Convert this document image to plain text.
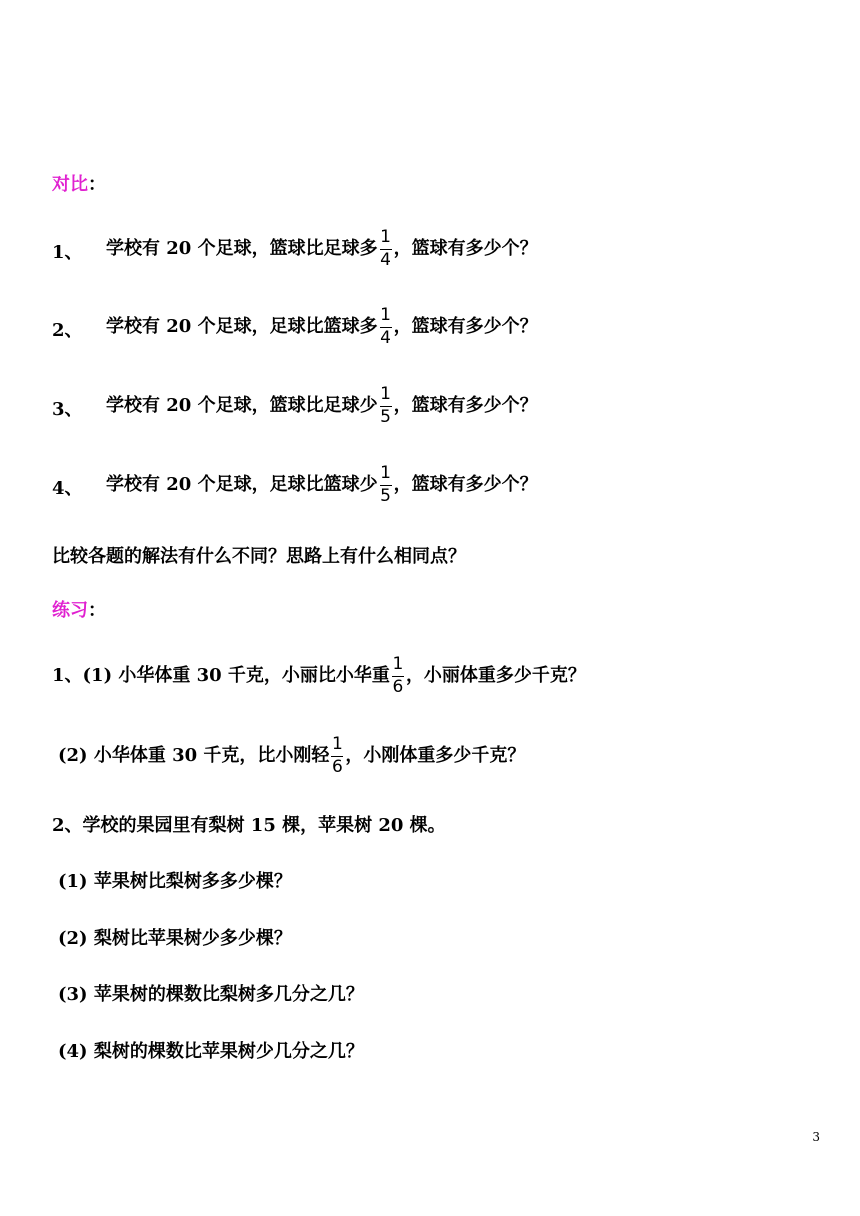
对比：
1、 学校有 20 个足球，篮球比足球多 $\frac{1}{4}$ ，篮球有多少个？
2、 学校有 20 个足球，足球比篮球多 $\frac{1}{4}$ ，篮球有多少个？
3、 学校有 20 个足球，篮球比足球少 $\frac{1}{5}$ ，篮球有多少个？
4、 学校有 20 个足球，足球比篮球少 $\frac{1}{5}$ ，篮球有多少个？
比较各题的解法有什么不同？思路上有什么相同点？
练习：
1、(1) 小华体重 30 千克，小丽比小华重 $\frac{1}{6}$ ，小丽体重多少千克？
(2) 小华体重 30 千克，比小刚轻 $\frac{1}{6}$ ，小刚体重多少千克？
2、学校的果园里有梨树 15 棵，苹果树 20 棵。
(1) 苹果树比梨树多多少棵？
(2) 梨树比苹果树少多少棵？
(3) 苹果树的棵数比梨树多几分之几？
(4) 梨树的棵数比苹果树少几分之几？
3
